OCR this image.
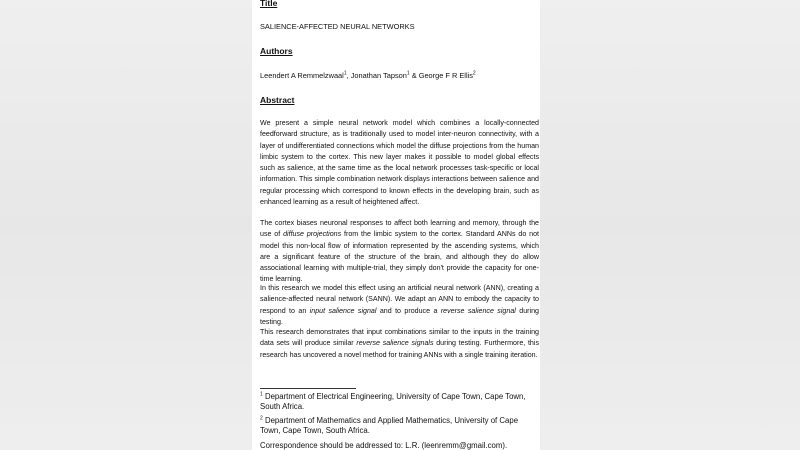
Title
SALIENCE-AFFECTED NEURAL NETWORKS
Authors
Leendert A Remmelzwaal$^1$, Jonathan Tapson$^1$ & George F R Ellis$^2$
Abstract
We present a simple neural network model which combines a locally-connected feedforward structure, as is traditionally used to model inter-neuron connectivity, with a layer of undifferentiated connections which model the diffuse projections from the human limbic system to the cortex. This new layer makes it possible to model global effects such as salience, at the same time as the local network processes task-specific or local information. This simple combination network displays interactions between salience and regular processing which correspond to known effects in the developing brain, such as enhanced learning as a result of heightened affect.
The cortex biases neuronal responses to affect both learning and memory, through the use of diffuse projections from the limbic system to the cortex. Standard ANNs do not model this non-local flow of information represented by the ascending systems, which are a significant feature of the structure of the brain, and although they do allow associational learning with multiple-trial, they simply don't provide the capacity for one-time learning.
In this research we model this effect using an artificial neural network (ANN), creating a salience-affected neural network (SANN). We adapt an ANN to embody the capacity to respond to an input salience signal and to produce a reverse salience signal during testing.
This research demonstrates that input combinations similar to the inputs in the training data sets will produce similar reverse salience signals during testing. Furthermore, this research has uncovered a novel method for training ANNs with a single training iteration.
$^1$ Department of Electrical Engineering, University of Cape Town, Cape Town, South Africa.
$^2$ Department of Mathematics and Applied Mathematics, University of Cape Town, Cape Town, South Africa.
Correspondence should be addressed to: L.R. (leenremm@gmail.com).
